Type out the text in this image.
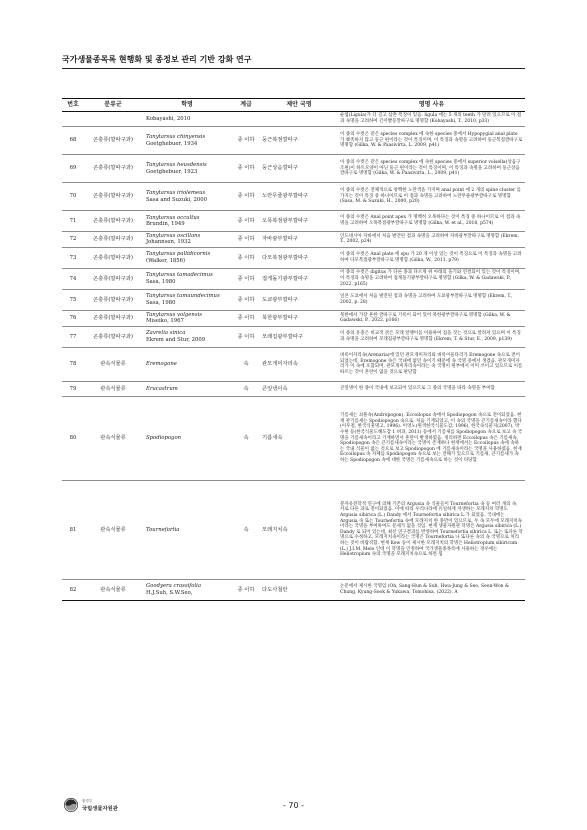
국가생물종목록 현행화 및 종정보 관리 기반 강화 연구
번호	분류군	학명	계급	제안 국명	명명 사유

		Kobayashi, 2010			순엽(Ligula)가 더 길고 삼촌 특징이 있음. ligula 에는 5 개의 teeth 가 달려 있으므로 이 점과 속명을 고려하여 긴이빨등깔따구로 명명함 (Kobayashi, T., 2010, p33)
68	곤충류(깔따구과)	Tanytarsus chinyensis
Goetghebuer, 1934	종 이하	둥근복점깔따구	이 종의 수컷은 같은 species complex 에 속한 species 중에서 Hypopygial anal plate 가 뾰족하지 않고 둥근 편이라는 것이 특징이며, 이 특징과 속명을 고려하여 둥근복점깔따구로 명명함 (Gilka, W. & Paasivirta, L. 2009, p41)
69	곤충류(깔따구과)	Tanytarsus heusdensis
Goetghebuer, 1923	종 이하	둥근상음깔따구	이 종의 수컷은 같은 species complex 에 속한 species 중에서 superior volsella(상음구조편)이 하트모양이 아닌 둥근 편이라는 것이 특징이며, 이 특징과 속명을 고려하여 둥근상음깔따구로 명명함 (Gilka, W. & Paasivirta, L., 2009, p41)
70	곤충류(깔따구과)	Tanytarsus iriolemeus
Sasa and Suzuki, 2000	종 이하	노란무줄광부깔따구	이 종의 수컷은 전체적으로 창백한 노란색을 가지며 anal point 에 2 개의 spine cluster 를 가지는 것이 특징 중 하나이므로 이 점과 속명을 고려하여 노란무줄광부깔따구로 명명함 (Sasa, M. & Suzuki, H., 2000, p20)
71	곤충류(깔따구과)	Tanytarsus occultus
Brundin, 1949	종 이하	오목복점광부깔따구	이 종의 수컷은 Anal point apex 가 명백히 오목하다는 것이 특징 중 하나이므로 이 점과 속명을 고려하여 오목복점광부깔따구로 명명함 (Gilka, W. et al., 2018, p574)
72	곤충류(깔따구과)	Tanytarsus oscillans
Johannsen, 1932	종 이하	자바광부깔따구	인도네시아 자바에서 처음 발견된 점과 속명을 고려하여 자바광부깔따구로 명명함 (Ekrem, T., 2002, p24)
73	곤충류(깔따구과)	Tanytarsus pallidicornis
(Walker, 1856)	종 이하	다모복점광부깔따구	이 종의 수컷은 Anal plate 에 spu 가 20 개 이상 있는 것이 특징으로 이 특징과 속명을 고려하여 다모복점광부깔따구로 명명함 (Gilka, W., 2011, p79)
74	곤충류(깔따구과)	Tanytarsus tamadecimus
Sasa, 1980	종 이하	접게돌기광부깔따구	이 종의 수컷은 digitus 가 다른 종과 다르게 위 아래의 돌기와 연결되어 있는 것이 특징이며, 이 특징과 속명을 고려하여 접게돌기광부깔따구로 명명함 (Gilka, W. & Gadawski, P., 2022, p165)
75	곤충류(깔따구과)	Tanytarsus tamaundecimus
Sasa, 1980	종 이하	도쿄광부깔따구	일본 도쿄에서 처음 발견된 점과 속명을 고려하여 도쿄광부깔따구로 명명함 (Ekrem, T., 2002, p. 28)
76	곤충류(깔따구과)	Tanytarsus volgensis
Miseiko, 1967	종 이하	북한광부깔따구	북한에서 가장 흔한 깔따구로 기록이 되어 있어 북한광부깔따구로 명명함 (Gilka, W. & Gadawski, P., 2022, p166)
77	곤충류(깔따구과)	Zavrelia sinica
Ekrem and Stur, 2009	종 이하	모래집광부깔따구	이 종의 유충은 비교적 굵은 모래 알맹이를 이용하여 집을 짓는 것으로 알려져 있으며 이 특징과 속명을 고려하여 모래집광부깔따구로 명명함 (Ekrem, T. & Stur, E., 2009, p139)
78	관속식물류	Eremogone	속	관모개미자리속	벼룩이자리속(Arenaria)에 있던 관모개미자리와 벼룩이울타리가 Eremogone 속으로 전이되었는데, Eremogone 속은 국내에 없던 속이기 때문에 속 국명 중에서 생겼음. 관모개미자리가 이 속에 포함되며, 관모개미자리속이라는 속 국명이 원부에서 이미 쓰이고 있으므로 이름 따르는 것이 혼란이 없을 것으로 판단함
79	관속식물류	Erucastrum	속	큰잎냉이속	큰잎냉이 한 종이 국내에 보고되어 있으므로 그 종의 국명을 따라 속명을 부여함
80	관속식물류	Spodiopogon	속	기름새속	기름새는 쇠풀속(Andropogon), Eccoilopus 속에서 Spodiopogon 속으로 전이되었음. 현재 관기름새는 Spodiopogon 속으로, 처음 기재되었고, 이 속의 국명을 큰기름새속이라 했다(이우철, 한국식물명고, 1996). 이영노(원색한국식물도감, 1996), 한국속식물지(2007), 박수현 등(한국식물도해도감 1 벼과, 2011) 등에서 기름새를 Spodiopogon 속으로 보고 속 국명을 기름새속이라고 기재하면서 혼란이 발생하였음. 정리하면 Eccoilopus 속은 기름새속, Spodiopogon 속은 큰기름새속이라는 국명이 존재하나 현재에서는 Eccoilopus 속에 속하는 국내 식물이 없는 것으로 보고 Spodiopogon 에 기름새속이라는 국명을 사용하였음. 현재 Eccoilopus 속 자체를 Spodiopogon 속으로 보는 견해가 있으므로 기름새, 큰기름새가 속하는 Spodiopogon 속에 대한 국명은 기름새속으로 하는 것이 타당함
81	관속식물류	Tournefortia	속	모래지치속	분자유전학적 연구에 의해 기존의 Argusia 속 식물들이 Tournefortia 속 등 여러 개의 속, 서로 다른 과로 전이되었음. 이에 따라 우리나라에 유일하게 자생하는 모래지치 학명도 Argusia sibirica (L.) Dandy 에서 Tournefortia sibirica L.가 되었음. 국내에는 Argusia 속 또는 Tournefortia 속에 모래지치 한 종만이 있으므로, 두 속 모두에 모래지치속이라는 국명을 부여하여도 문제가 없을 것임. 현재 생물자원관 학명은 Argusia sibirica (L.) Dandy 로 되어 있는데, 최신 연구결과를 반영하여 Tournefortia sibirica L. 또는 또다른 학명으로 수정하고, 모래지치속이라는 국명은 Tournefortia 나 또다른 속의 속 국명으로 처리하는 것이 바람직함. 현재 Kew 등이 제시한 모래지치의 학명은 Heliotropium sibiricum (L.) J.I.M. Melo 인데 이 학명을 인정하여 국가생물종목록에 사용하는 경우에는 Heliotropium 속의 국명을 모래지치속으로 하면 됨
82	관속식물류	Goodyera crassifolia
H.J.Suh, S.W.Seo,	종 이하	다도사철란	논문에서 제시한 국명임 (Oh, Sang-Hun & Suh, Hwa-Jung & Seo, Seon-Won & Chung, Kyung-Sook & Yukawa, Tomohisa. (2022). A
환경부
국립생물자원관	- 70 -
